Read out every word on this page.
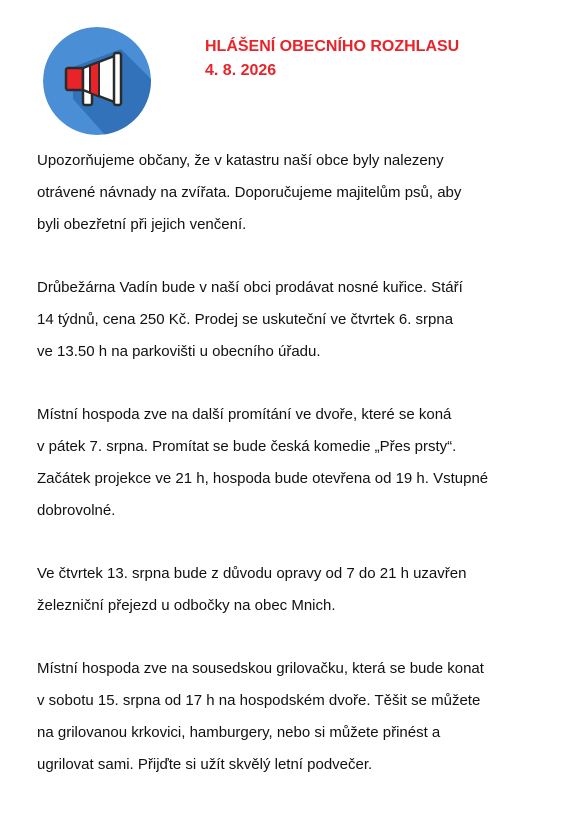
HLÁŠENÍ OBECNÍHO ROZHLASU
4. 8. 2026
Upozorňujeme občany, že v katastru naší obce byly nalezeny
otrávené návnady na zvířata. Doporučujeme majitelům psů, aby
byli obezřetní při jejich venčení.
Drůbežárna Vadín bude v naší obci prodávat nosné kuřice. Stáří
14 týdnů, cena 250 Kč. Prodej se uskuteční ve čtvrtek 6. srpna
ve 13.50 h na parkovišti u obecního úřadu.
Místní hospoda zve na další promítání ve dvoře, které se koná
v pátek 7. srpna. Promítat se bude česká komedie „Přes prsty“.
Začátek projekce ve 21 h, hospoda bude otevřena od 19 h. Vstupné
dobrovolné.
Ve čtvrtek 13. srpna bude z důvodu opravy od 7 do 21 h uzavřen
železniční přejezd u odbočky na obec Mnich.
Místní hospoda zve na sousedskou grilovačku, která se bude konat
v sobotu 15. srpna od 17 h na hospodském dvoře. Těšit se můžete
na grilovanou krkovici, hamburgery, nebo si můžete přinést a
ugrilovat sami. Přijďte si užít skvělý letní podvečer.
